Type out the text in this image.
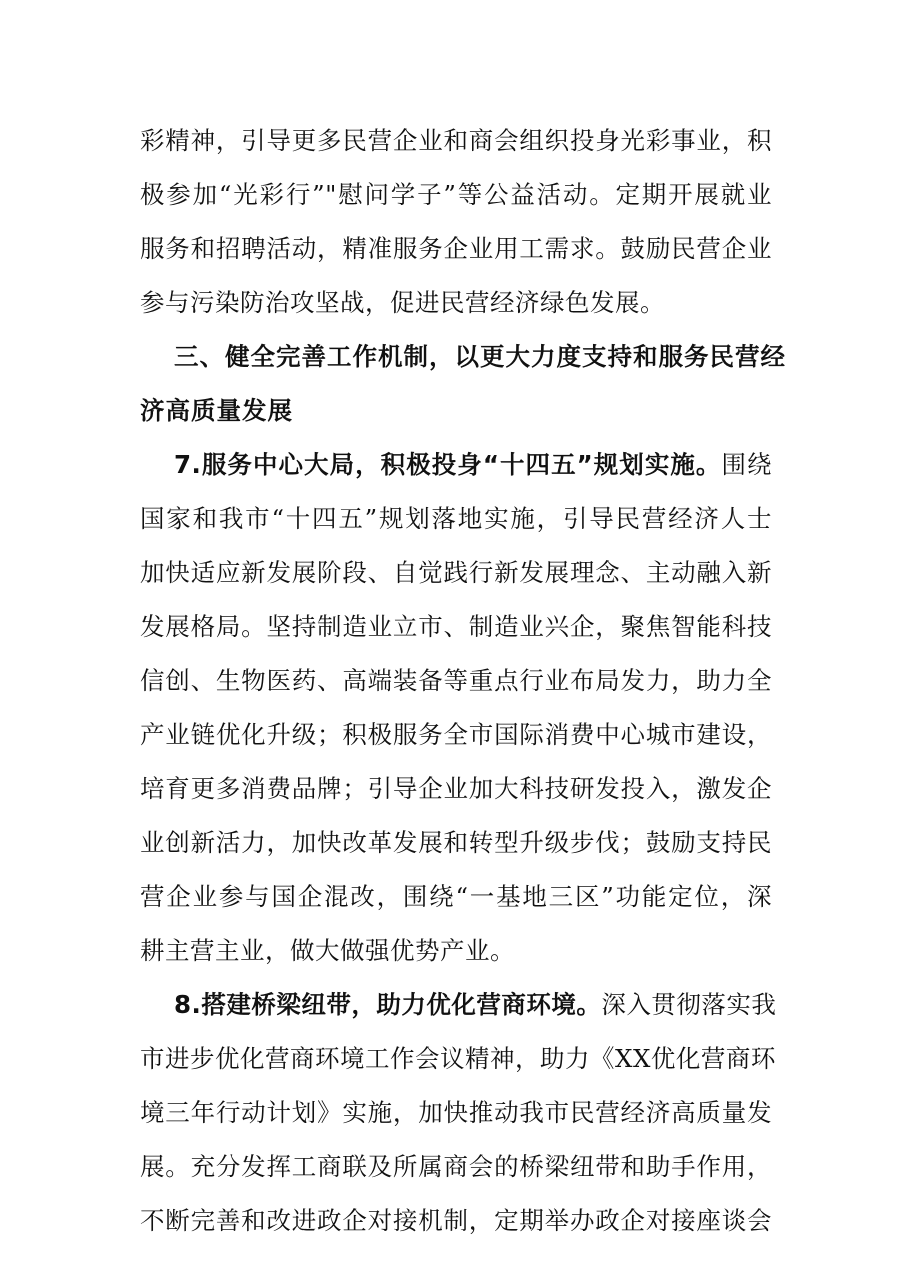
彩精神，引导更多民营企业和商会组织投身光彩事业，积
极参加“光彩行”"慰问学子”等公益活动。定期开展就业
服务和招聘活动，精准服务企业用工需求。鼓励民营企业
参与污染防治攻坚战，促进民营经济绿色发展。
三、健全完善工作机制，以更大力度支持和服务民营经
济高质量发展
7.服务中心大局，积极投身“十四五”规划实施。围绕
国家和我市“十四五”规划落地实施，引导民营经济人士
加快适应新发展阶段、自觉践行新发展理念、主动融入新
发展格局。坚持制造业立市、制造业兴企，聚焦智能科技
信创、生物医药、高端装备等重点行业布局发力，助力全
产业链优化升级；积极服务全市国际消费中心城市建设，
培育更多消费品牌；引导企业加大科技研发投入，激发企
业创新活力，加快改革发展和转型升级步伐；鼓励支持民
营企业参与国企混改，围绕“一基地三区”功能定位，深
耕主营主业，做大做强优势产业。
8.搭建桥梁纽带，助力优化营商环境。深入贯彻落实我
市进步优化营商环境工作会议精神，助力《XX优化营商环
境三年行动计划》实施，加快推动我市民营经济高质量发
展。充分发挥工商联及所属商会的桥梁纽带和助手作用，
不断完善和改进政企对接机制，定期举办政企对接座谈会
